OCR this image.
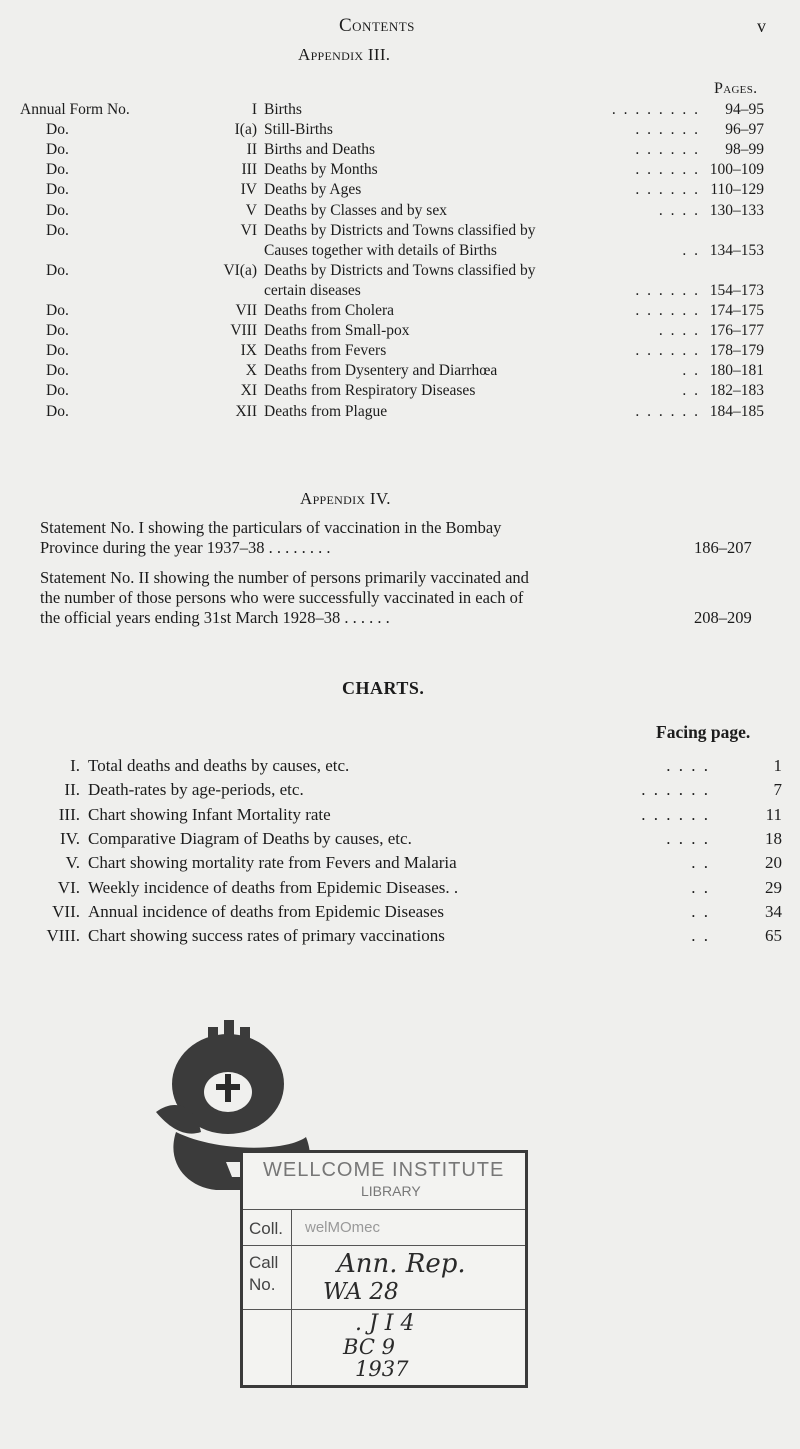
Contents	v
Appendix III.
Pages.
Annual Form No.	I Births	. . . . . . . .	94–95
Do.	I(a) Still-Births	. . . . . .	96–97
Do.	II Births and Deaths	. . . . . .	98–99
Do.	III Deaths by Months	. . . . . . 100–109
Do.	IV Deaths by Ages	. . . . . . 110–129
Do.	V Deaths by Classes and by sex	. . . . 130–133
Do.	VI Deaths by Districts and Towns classified by
Causes together with details of Births	. . 134–153
Do.	VI(a) Deaths by Districts and Towns classified by
certain diseases	. . . . . . 154–173
Do.	VII Deaths from Cholera	. . . . . . 174–175
Do.	VIII Deaths from Small-pox	. . . . 176–177
Do.	IX Deaths from Fevers	. . . . . . 178–179
Do.	X Deaths from Dysentery and Diarrhœa	. . 180–181
Do.	XI Deaths from Respiratory Diseases	. . 182–183
Do.	XII Deaths from Plague	. . . . . . 184–185
Appendix IV.
Statement No. I showing the particulars of vaccination in the Bombay
Province during the year 1937–38 . . . . . . . .	186–207
Statement No. II showing the number of persons primarily vaccinated and
the number of those persons who were successfully vaccinated in each of
the official years ending 31st March 1928–38 . . . . . .	208–209
CHARTS.
Facing page.
I. Total deaths and deaths by causes, etc.	. . . .	1
II. Death-rates by age-periods, etc.	. . . . . .	7
III. Chart showing Infant Mortality rate	. . . . . .	11
IV. Comparative Diagram of Deaths by causes, etc.	. . . .	18
V. Chart showing mortality rate from Fevers and Malaria	. .	20
VI. Weekly incidence of deaths from Epidemic Diseases. .	. .	29
VII. Annual incidence of deaths from Epidemic Diseases	. .	34
VIII. Chart showing success rates of primary vaccinations	. .	65
WELLCOME INSTITUTE
LIBRARY
Coll. welMOmec
Call
No.
Ann. Rep.
WA 28
. J I 4
BC 9
1937
